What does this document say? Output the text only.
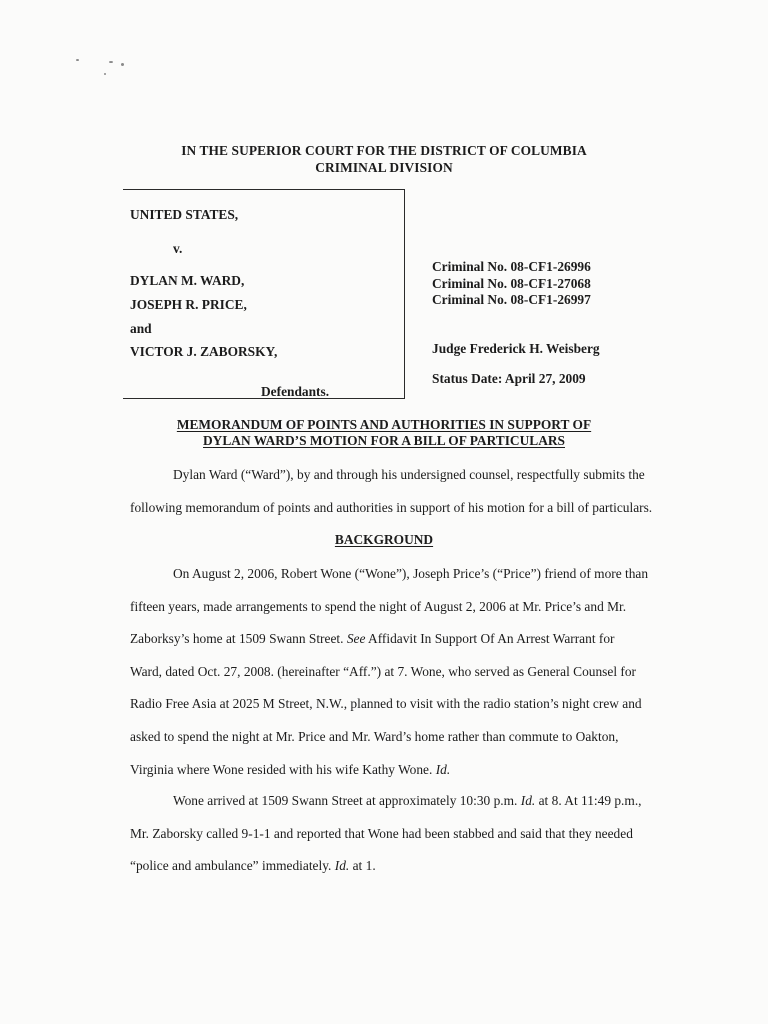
IN THE SUPERIOR COURT FOR THE DISTRICT OF COLUMBIA
CRIMINAL DIVISION
UNITED STATES,
v.
DYLAN M. WARD,
JOSEPH R. PRICE,
and
VICTOR J. ZABORSKY,
Defendants.
Criminal No. 08-CF1-26996
Criminal No. 08-CF1-27068
Criminal No. 08-CF1-26997
Judge Frederick H. Weisberg
Status Date: April 27, 2009
MEMORANDUM OF POINTS AND AUTHORITIES IN SUPPORT OF
DYLAN WARD’S MOTION FOR A BILL OF PARTICULARS
Dylan Ward (“Ward”), by and through his undersigned counsel, respectfully submits the
following memorandum of points and authorities in support of his motion for a bill of particulars.
BACKGROUND
On August 2, 2006, Robert Wone (“Wone”), Joseph Price’s (“Price”) friend of more than
fifteen years, made arrangements to spend the night of August 2, 2006 at Mr. Price’s and Mr.
Zaborksy’s home at 1509 Swann Street. See Affidavit In Support Of An Arrest Warrant for
Ward, dated Oct. 27, 2008. (hereinafter “Aff.”) at 7. Wone, who served as General Counsel for
Radio Free Asia at 2025 M Street, N.W., planned to visit with the radio station’s night crew and
asked to spend the night at Mr. Price and Mr. Ward’s home rather than commute to Oakton,
Virginia where Wone resided with his wife Kathy Wone. Id.
Wone arrived at 1509 Swann Street at approximately 10:30 p.m. Id. at 8. At 11:49 p.m.,
Mr. Zaborsky called 9-1-1 and reported that Wone had been stabbed and said that they needed
“police and ambulance” immediately. Id. at 1.
